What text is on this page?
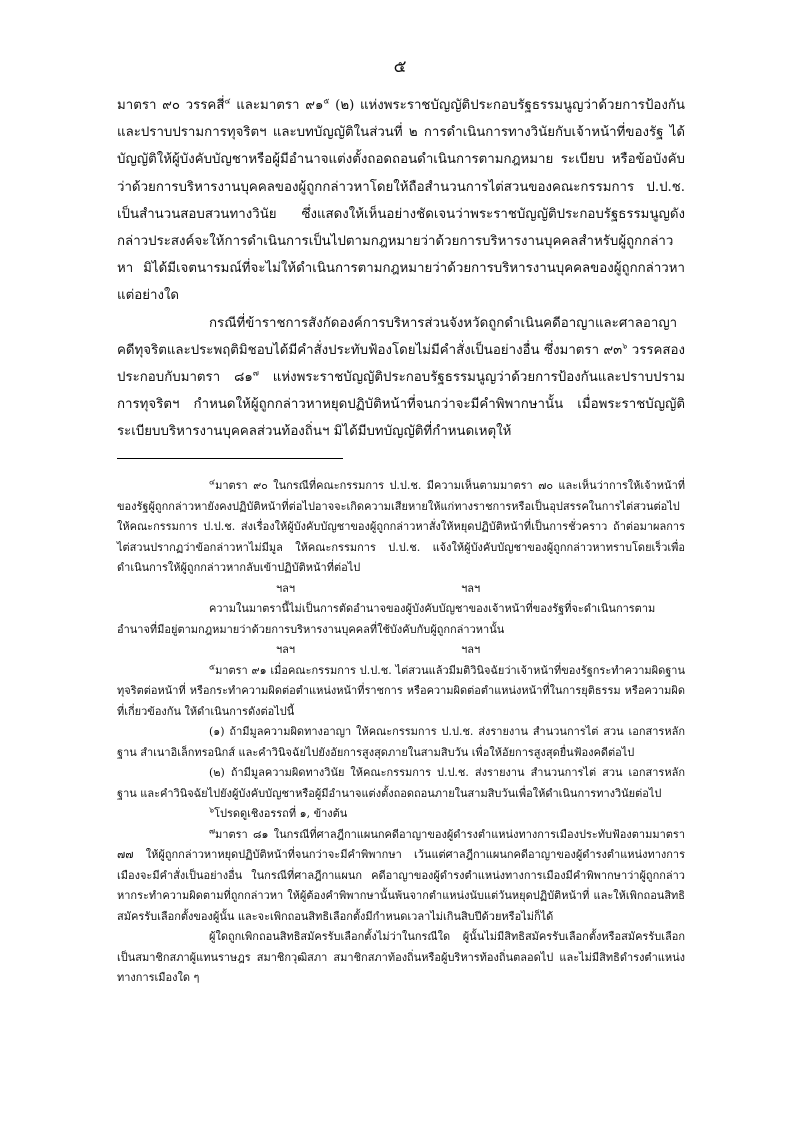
๕

มาตรา ๙๐ วรรคสี่$^๔$ และมาตรา ๙๑$^๕$ (๒) แห่งพระราชบัญญัติประกอบรัฐธรรมนูญว่าด้วยการป้องกันและปราบปรามการทุจริตฯ และบทบัญญัติในส่วนที่ ๒ การดำเนินการทางวินัยกับเจ้าหน้าที่ของรัฐ ได้บัญญัติให้ผู้บังคับบัญชาหรือผู้มีอำนาจแต่งตั้งถอดถอนดำเนินการตามกฎหมาย ระเบียบ หรือข้อบังคับว่าด้วยการบริหารงานบุคคลของผู้ถูกกล่าวหาโดยให้ถือสำนวนการไต่สวนของคณะกรรมการ ป.ป.ช. เป็นสำนวนสอบสวนทางวินัย ซึ่งแสดงให้เห็นอย่างชัดเจนว่าพระราชบัญญัติประกอบรัฐธรรมนูญดังกล่าวประสงค์จะให้การดำเนินการเป็นไปตามกฎหมายว่าด้วยการบริหารงานบุคคลสำหรับผู้ถูกกล่าวหา มิได้มีเจตนารมณ์ที่จะไม่ให้ดำเนินการตามกฎหมายว่าด้วยการบริหารงานบุคคลของผู้ถูกกล่าวหาแต่อย่างใด

กรณีที่ข้าราชการสังกัดองค์การบริหารส่วนจังหวัดถูกดำเนินคดีอาญาและศาลอาญาคดีทุจริตและประพฤติมิชอบได้มีคำสั่งประทับฟ้องโดยไม่มีคำสั่งเป็นอย่างอื่น ซึ่งมาตรา ๙๓$^๖$ วรรคสอง ประกอบกับมาตรา ๘๑$^๗$ แห่งพระราชบัญญัติประกอบรัฐธรรมนูญว่าด้วยการป้องกันและปราบปรามการทุจริตฯ กำหนดให้ผู้ถูกกล่าวหาหยุดปฏิบัติหน้าที่จนกว่าจะมีคำพิพากษานั้น เมื่อพระราชบัญญัติระเบียบบริหารงานบุคคลส่วนท้องถิ่นฯ มิได้มีบทบัญญัติที่กำหนดเหตุให้

$^๔$มาตรา ๙๐ ในกรณีที่คณะกรรมการ ป.ป.ช. มีความเห็นตามมาตรา ๗๐ และเห็นว่าการให้เจ้าหน้าที่ของรัฐผู้ถูกกล่าวหายังคงปฏิบัติหน้าที่ต่อไปอาจจะเกิดความเสียหายให้แก่ทางราชการหรือเป็นอุปสรรคในการไต่สวนต่อไป ให้คณะกรรมการ ป.ป.ช. ส่งเรื่องให้ผู้บังคับบัญชาของผู้ถูกกล่าวหาสั่งให้หยุดปฏิบัติหน้าที่เป็นการชั่วคราว ถ้าต่อมาผลการไต่สวนปรากฏว่าข้อกล่าวหาไม่มีมูล ให้คณะกรรมการ ป.ป.ช. แจ้งให้ผู้บังคับบัญชาของผู้ถูกกล่าวหาทราบโดยเร็วเพื่อดำเนินการให้ผู้ถูกกล่าวหากลับเข้าปฏิบัติหน้าที่ต่อไป

ฯลฯ	ฯลฯ

ความในมาตรานี้ไม่เป็นการตัดอำนาจของผู้บังคับบัญชาของเจ้าหน้าที่ของรัฐที่จะดำเนินการตามอำนาจที่มีอยู่ตามกฎหมายว่าด้วยการบริหารงานบุคคลที่ใช้บังคับกับผู้ถูกกล่าวหานั้น

ฯลฯ	ฯลฯ

$^๕$มาตรา ๙๑ เมื่อคณะกรรมการ ป.ป.ช. ไต่สวนแล้วมีมติวินิจฉัยว่าเจ้าหน้าที่ของรัฐกระทำความผิดฐานทุจริตต่อหน้าที่ หรือกระทำความผิดต่อตำแหน่งหน้าที่ราชการ หรือความผิดต่อตำแหน่งหน้าที่ในการยุติธรรม หรือความผิดที่เกี่ยวข้องกัน ให้ดำเนินการดังต่อไปนี้

(๑) ถ้ามีมูลความผิดทางอาญา ให้คณะกรรมการ ป.ป.ช. ส่งรายงาน สำนวนการไต่ สวน เอกสารหลักฐาน สำเนาอิเล็กทรอนิกส์ และคำวินิจฉัยไปยังอัยการสูงสุดภายในสามสิบวัน เพื่อให้อัยการสูงสุดยื่นฟ้องคดีต่อไป

(๒) ถ้ามีมูลความผิดทางวินัย ให้คณะกรรมการ ป.ป.ช. ส่งรายงาน สำนวนการไต่ สวน เอกสารหลักฐาน และคำวินิจฉัยไปยังผู้บังคับบัญชาหรือผู้มีอำนาจแต่งตั้งถอดถอนภายในสามสิบวันเพื่อให้ดำเนินการทางวินัยต่อไป

$^๖$โปรดดูเชิงอรรถที่ ๑, ข้างต้น

$^๗$มาตรา ๘๑ ในกรณีที่ศาลฎีกาแผนกคดีอาญาของผู้ดำรงตำแหน่งทางการเมืองประทับฟ้องตามมาตรา ๗๗ ให้ผู้ถูกกล่าวหาหยุดปฏิบัติหน้าที่จนกว่าจะมีคำพิพากษา เว้นแต่ศาลฎีกาแผนกคดีอาญาของผู้ดำรงตำแหน่งทางการเมืองจะมีคำสั่งเป็นอย่างอื่น ในกรณีที่ศาลฎีกาแผนก คดีอาญาของผู้ดำรงตำแหน่งทางการเมืองมีคำพิพากษาว่าผู้ถูกกล่าวหากระทำความผิดตามที่ถูกกล่าวหา ให้ผู้ต้องคำพิพากษานั้นพ้นจากตำแหน่งนับแต่วันหยุดปฏิบัติหน้าที่ และให้เพิกถอนสิทธิสมัครรับเลือกตั้งของผู้นั้น และจะเพิกถอนสิทธิเลือกตั้งมีกำหนดเวลาไม่เกินสิบปีด้วยหรือไม่ก็ได้

ผู้ใดถูกเพิกถอนสิทธิสมัครรับเลือกตั้งไม่ว่าในกรณีใด ผู้นั้นไม่มีสิทธิสมัครรับเลือกตั้งหรือสมัครรับเลือกเป็นสมาชิกสภาผู้แทนราษฎร สมาชิกวุฒิสภา สมาชิกสภาท้องถิ่นหรือผู้บริหารท้องถิ่นตลอดไป และไม่มีสิทธิดำรงตำแหน่งทางการเมืองใด ๆ
